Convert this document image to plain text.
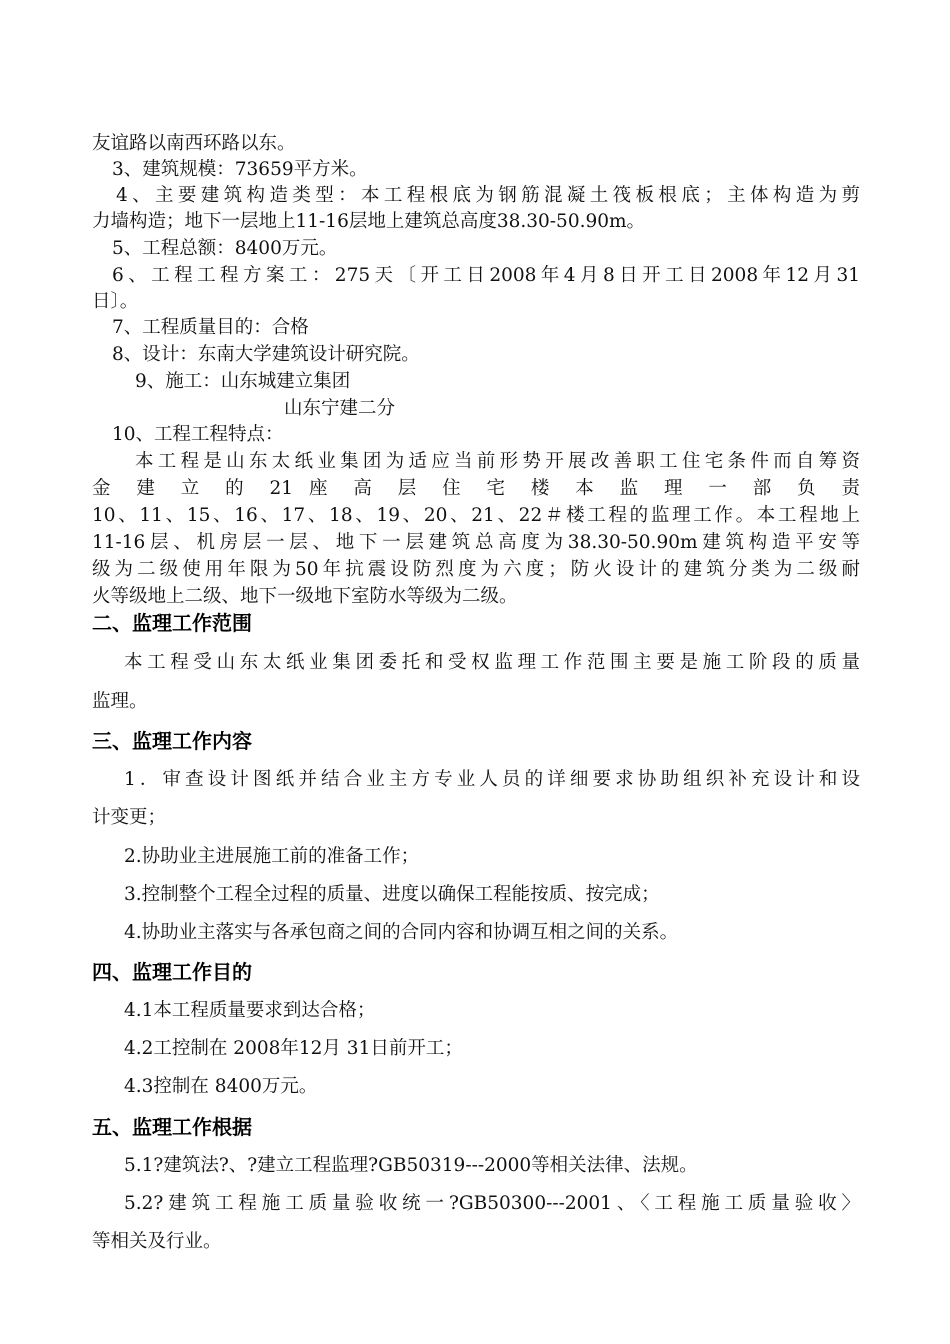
友谊路以南西环路以东。
3、建筑规模：73659平方米。
4、主要建筑构造类型：本工程根底为钢筋混凝土筏板根底；主体构造为剪
力墙构造；地下一层地上11-16层地上建筑总高度38.30-50.90m。
5、工程总额：8400万元。
6、工程工程方案工：275天〔开工日2008年4月8日开工日2008年12月31
日〕。
7、工程质量目的：合格
8、设计：东南大学建筑设计研究院。
9、施工：山东城建立集团
山东宁建二分
10、工程工程特点：
本工程是山东太纸业集团为适应当前形势开展改善职工住宅条件而自筹资
金 建 立 的 21 座 高 层 住 宅 楼 本 监 理 一 部 负 责
10、11、15、16、17、18、19、20、21、22＃楼工程的监理工作。本工程地上
11-16层、机房层一层、地下一层建筑总高度为38.30-50.90m建筑构造平安等
级为二级使用年限为50年抗震设防烈度为六度；防火设计的建筑分类为二级耐
火等级地上二级、地下一级地下室防水等级为二级。
二、监理工作范围
本工程受山东太纸业集团委托和受权监理工作范围主要是施工阶段的质量
监理。
三、监理工作内容
1．审查设计图纸并结合业主方专业人员的详细要求协助组织补充设计和设
计变更；
2.协助业主进展施工前的准备工作；
3.控制整个工程全过程的质量、进度以确保工程能按质、按完成；
4.协助业主落实与各承包商之间的合同内容和协调互相之间的关系。
四、监理工作目的
4.1本工程质量要求到达合格；
4.2工控制在 2008年12月 31日前开工；
4.3控制在 8400万元。
五、监理工作根据
5.1?建筑法?、?建立工程监理?GB50319---2000等相关法律、法规。
5.2?建筑工程施工质量验收统一?GB50300---2001、〈工程施工质量验收〉
等相关及行业。
